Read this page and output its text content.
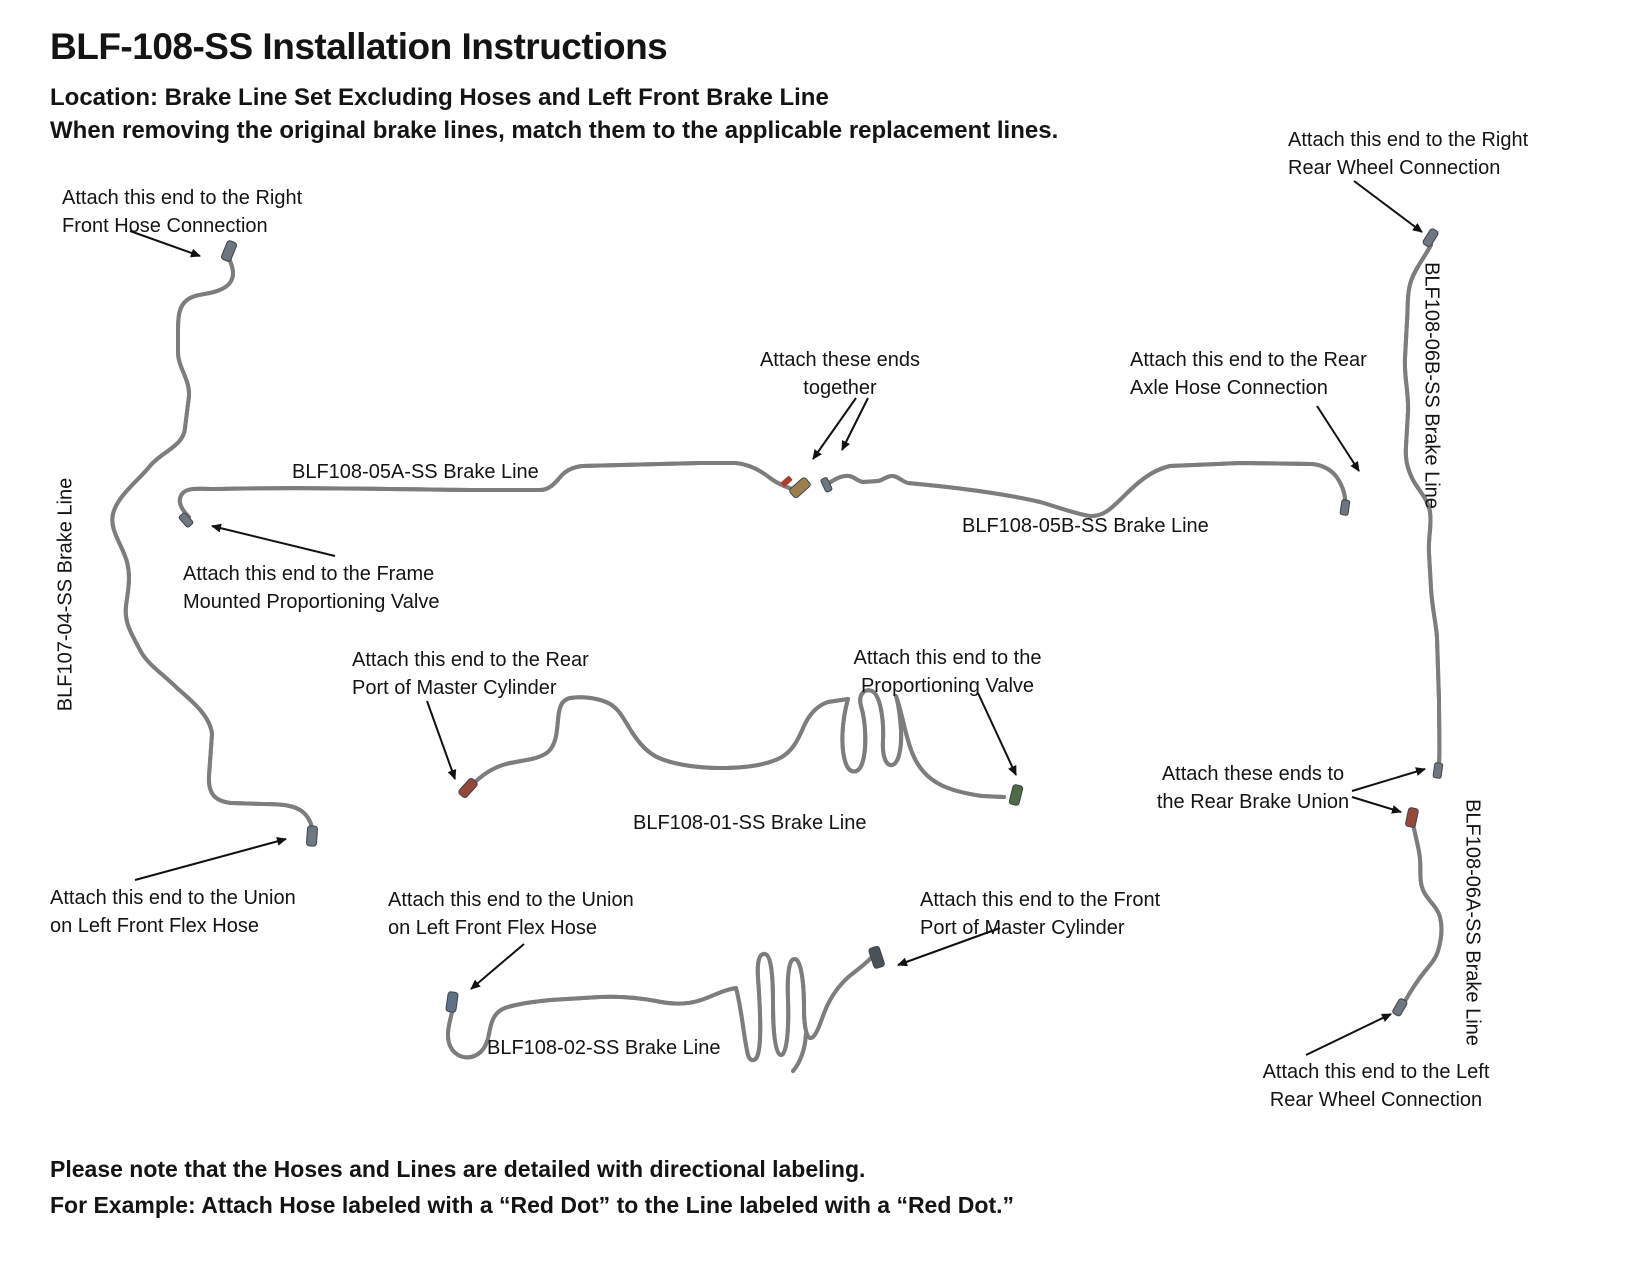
BLF-108-SS Installation Instructions
Location: Brake Line Set Excluding Hoses and Left Front Brake Line
When removing the original brake lines, match them to the applicable replacement lines.
Attach this end to the Right
Front Hose Connection
Attach this end to the Right
Rear Wheel Connection
Attach these ends
together
Attach this end to the Rear
Axle Hose Connection
Attach this end to the Frame
Mounted Proportioning Valve
Attach this end to the Rear
Port of Master Cylinder
Attach this end to the
Proportioning Valve
Attach these ends to
the Rear Brake Union
Attach this end to the Union
on Left Front Flex Hose
Attach this end to the Union
on Left Front Flex Hose
Attach this end to the Front
Port of Master Cylinder
Attach this end to the Left
Rear Wheel Connection
BLF107-04-SS Brake Line
BLF108-05A-SS Brake Line
BLF108-05B-SS Brake Line
BLF108-06B-SS Brake Line
BLF108-01-SS Brake Line	BLF108-06A-SS Brake Line
BLF108-02-SS Brake Line
Please note that the Hoses and Lines are detailed with directional labeling.
For Example: Attach Hose labeled with a “Red Dot” to the Line labeled with a “Red Dot.”
